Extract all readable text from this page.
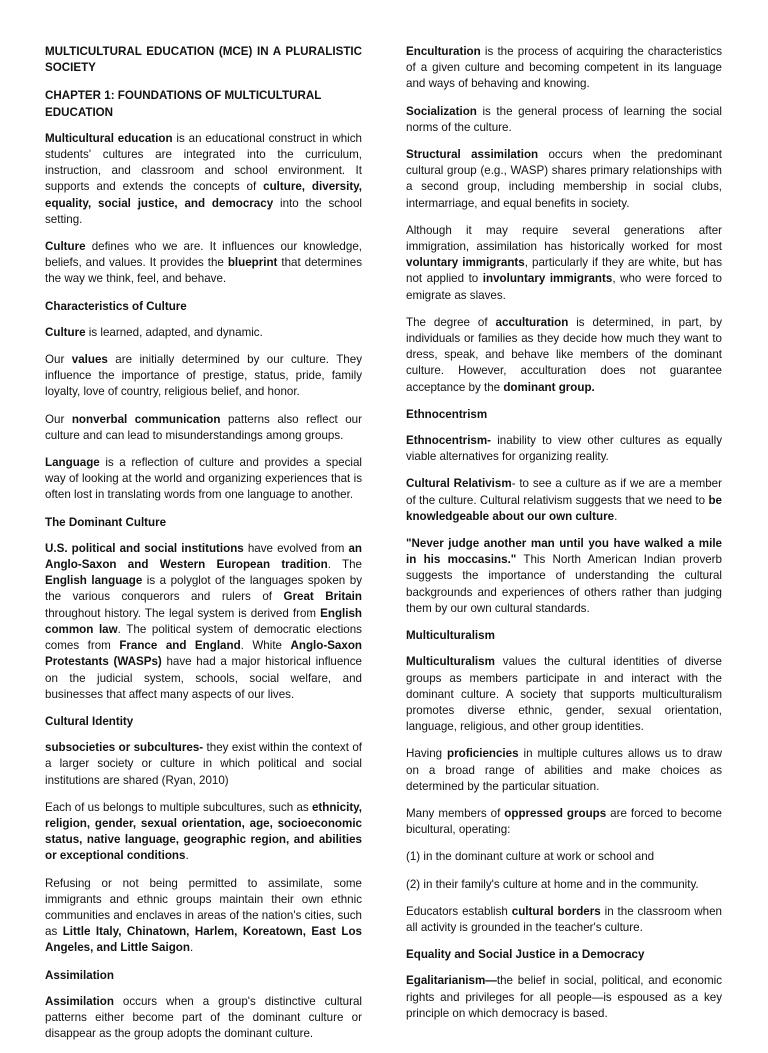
MULTICULTURAL EDUCATION (MCE) IN A PLURALISTIC SOCIETY

CHAPTER 1: FOUNDATIONS OF MULTICULTURAL EDUCATION

Multicultural education is an educational construct in which students' cultures are integrated into the curriculum, instruction, and classroom and school environment. It supports and extends the concepts of culture, diversity, equality, social justice, and democracy into the school setting.

Culture defines who we are. It influences our knowledge, beliefs, and values. It provides the blueprint that determines the way we think, feel, and behave.

Characteristics of Culture

Culture is learned, adapted, and dynamic.

Our values are initially determined by our culture. They influence the importance of prestige, status, pride, family loyalty, love of country, religious belief, and honor.

Our nonverbal communication patterns also reflect our culture and can lead to misunderstandings among groups.

Language is a reflection of culture and provides a special way of looking at the world and organizing experiences that is often lost in translating words from one language to another.

The Dominant Culture

U.S. political and social institutions have evolved from an Anglo-Saxon and Western European tradition. The English language is a polyglot of the languages spoken by the various conquerors and rulers of Great Britain throughout history. The legal system is derived from English common law. The political system of democratic elections comes from France and England. White Anglo-Saxon Protestants (WASPs) have had a major historical influence on the judicial system, schools, social welfare, and businesses that affect many aspects of our lives.

Cultural Identity

subsocieties or subcultures- they exist within the context of a larger society or culture in which political and social institutions are shared (Ryan, 2010)

Each of us belongs to multiple subcultures, such as ethnicity, religion, gender, sexual orientation, age, socioeconomic status, native language, geographic region, and abilities or exceptional conditions.

Refusing or not being permitted to assimilate, some immigrants and ethnic groups maintain their own ethnic communities and enclaves in areas of the nation's cities, such as Little Italy, Chinatown, Harlem, Koreatown, East Los Angeles, and Little Saigon.

Assimilation

Assimilation occurs when a group's distinctive cultural patterns either become part of the dominant culture or disappear as the group adopts the dominant culture.

Enculturation is the process of acquiring the characteristics of a given culture and becoming competent in its language and ways of behaving and knowing.

Socialization is the general process of learning the social norms of the culture.

Structural assimilation occurs when the predominant cultural group (e.g., WASP) shares primary relationships with a second group, including membership in social clubs, intermarriage, and equal benefits in society.

Although it may require several generations after immigration, assimilation has historically worked for most voluntary immigrants, particularly if they are white, but has not applied to involuntary immigrants, who were forced to emigrate as slaves.

The degree of acculturation is determined, in part, by individuals or families as they decide how much they want to dress, speak, and behave like members of the dominant culture. However, acculturation does not guarantee acceptance by the dominant group.

Ethnocentrism

Ethnocentrism- inability to view other cultures as equally viable alternatives for organizing reality.

Cultural Relativism- to see a culture as if we are a member of the culture. Cultural relativism suggests that we need to be knowledgeable about our own culture.

"Never judge another man until you have walked a mile in his moccasins." This North American Indian proverb suggests the importance of understanding the cultural backgrounds and experiences of others rather than judging them by our own cultural standards.

Multiculturalism

Multiculturalism values the cultural identities of diverse groups as members participate in and interact with the dominant culture. A society that supports multiculturalism promotes diverse ethnic, gender, sexual orientation, language, religious, and other group identities.

Having proficiencies in multiple cultures allows us to draw on a broad range of abilities and make choices as determined by the particular situation.

Many members of oppressed groups are forced to become bicultural, operating:

(1) in the dominant culture at work or school and

(2) in their family's culture at home and in the community.

Educators establish cultural borders in the classroom when all activity is grounded in the teacher's culture.

Equality and Social Justice in a Democracy

Egalitarianism—the belief in social, political, and economic rights and privileges for all people—is espoused as a key principle on which democracy is based.
